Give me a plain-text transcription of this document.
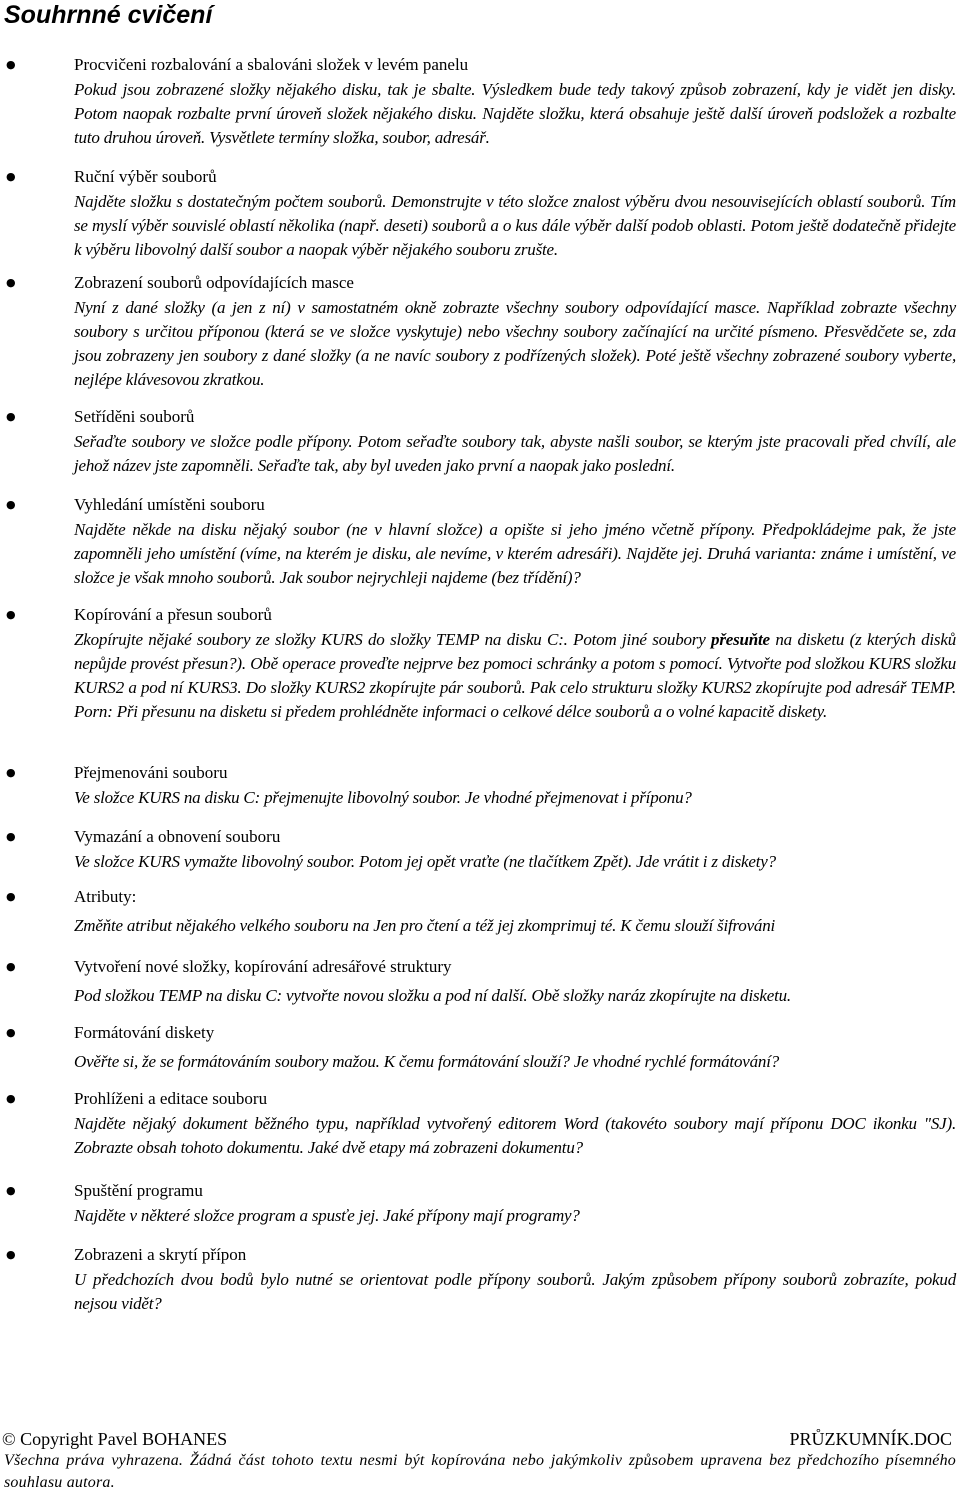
Souhrnné cvičení
●	Procvičeni rozbalování a sbalováni složek v levém panelu

Pokud jsou zobrazené složky nějakého disku, tak je sbalte. Výsledkem bude tedy takový způsob zobrazení, kdy je vidět jen disky. Potom naopak rozbalte první úroveň složek nějakého disku. Najděte složku, která obsahuje ještě další úroveň podsložek a rozbalte tuto druhou úroveň. Vysvětlete termíny složka, soubor, adresář.

●	Ruční výběr souborů

Najděte složku s dostatečným počtem souborů. Demonstrujte v této složce znalost výběru dvou nesouvisejících oblastí souborů. Tím se myslí výběr souvislé oblastí několika (např. deseti) souborů a o kus dále výběr další podob oblasti. Potom ještě dodatečně přidejte k výběru libovolný další soubor a naopak výběr nějakého souboru zrušte.

●	Zobrazení souborů odpovídajících masce

Nyní z dané složky (a jen z ní) v samostatném okně zobrazte všechny soubory odpovídající masce. Například zobrazte všechny soubory s určitou příponou (která se ve složce vyskytuje) nebo všechny soubory začínající na určité písmeno. Přesvědčete se, zda jsou zobrazeny jen soubory z dané složky (a ne navíc soubory z podřízených složek). Poté ještě všechny zobrazené soubory vyberte, nejlépe klávesovou zkratkou.

●	Setříděni souborů

Seřaďte soubory ve složce podle přípony. Potom seřaďte soubory tak, abyste našli soubor, se kterým jste pracovali před chvílí, ale jehož název jste zapomněli. Seřaďte tak, aby byl uveden jako první a naopak jako poslední.

●	Vyhledání umístěni souboru

Najděte někde na disku nějaký soubor (ne v hlavní složce) a opište si jeho jméno včetně přípony. Předpokládejme pak, že jste zapomněli jeho umístění (víme, na kterém je disku, ale nevíme, v kterém adresáři). Najděte jej. Druhá varianta: známe i umístění, ve složce je však mnoho souborů. Jak soubor nejrychleji najdeme (bez třídění)?

●	Kopírování a přesun souborů

Zkopírujte nějaké soubory ze složky KURS do složky TEMP na disku C:. Potom jiné soubory přesuňte na disketu (z kterých disků nepůjde provést přesun?). Obě operace proveďte nejprve bez pomoci schránky a potom s pomocí. Vytvořte pod složkou KURS složku KURS2 a pod ní KURS3. Do složky KURS2 zkopírujte pár souborů. Pak celo strukturu složky KURS2 zkopírujte pod adresář TEMP. Porn: Při přesunu na disketu si předem prohlédněte informaci o celkové délce souborů a o volné kapacitě diskety.

●	Přejmenováni souboru

Ve složce KURS na disku C: přejmenujte libovolný soubor. Je vhodné přejmenovat i příponu?

●	Vymazání a obnovení souboru

Ve složce KURS vymažte libovolný soubor. Potom jej opět vraťte (ne tlačítkem Zpět). Jde vrátit i z diskety?

●	Atributy:

Změňte atribut nějakého velkého souboru na Jen pro čtení a též jej zkomprimuj té. K čemu slouží šifrováni

●	Vytvoření nové složky, kopírování adresářové struktury

Pod složkou TEMP na disku C: vytvořte novou složku a pod ní další. Obě složky naráz zkopírujte na disketu.

●	Formátování diskety

Ověřte si, že se formátováním soubory mažou. K čemu formátování slouží? Je vhodné rychlé formátování?

●	Prohlíženi a editace souboru

Najděte nějaký dokument běžného typu, například vytvořený editorem Word (takovéto soubory mají příponu DOC ikonku "SJ). Zobrazte obsah tohoto dokumentu. Jaké dvě etapy má zobrazeni dokumentu?

●	Spuštění programu

Najděte v některé složce program a spusťe jej. Jaké přípony mají programy?

●	Zobrazeni a skrytí přípon

U předchozích dvou bodů bylo nutné se orientovat podle přípony souborů. Jakým způsobem přípony souborů zobrazíte, pokud nejsou vidět?

© Copyright Pavel BOHANES	PRŮZKUMNÍK.DOC

Všechna práva vyhrazena. Žádná část tohoto textu nesmi být kopírována nebo jakýmkoliv způsobem upravena bez předchozího písemného souhlasu autora.
